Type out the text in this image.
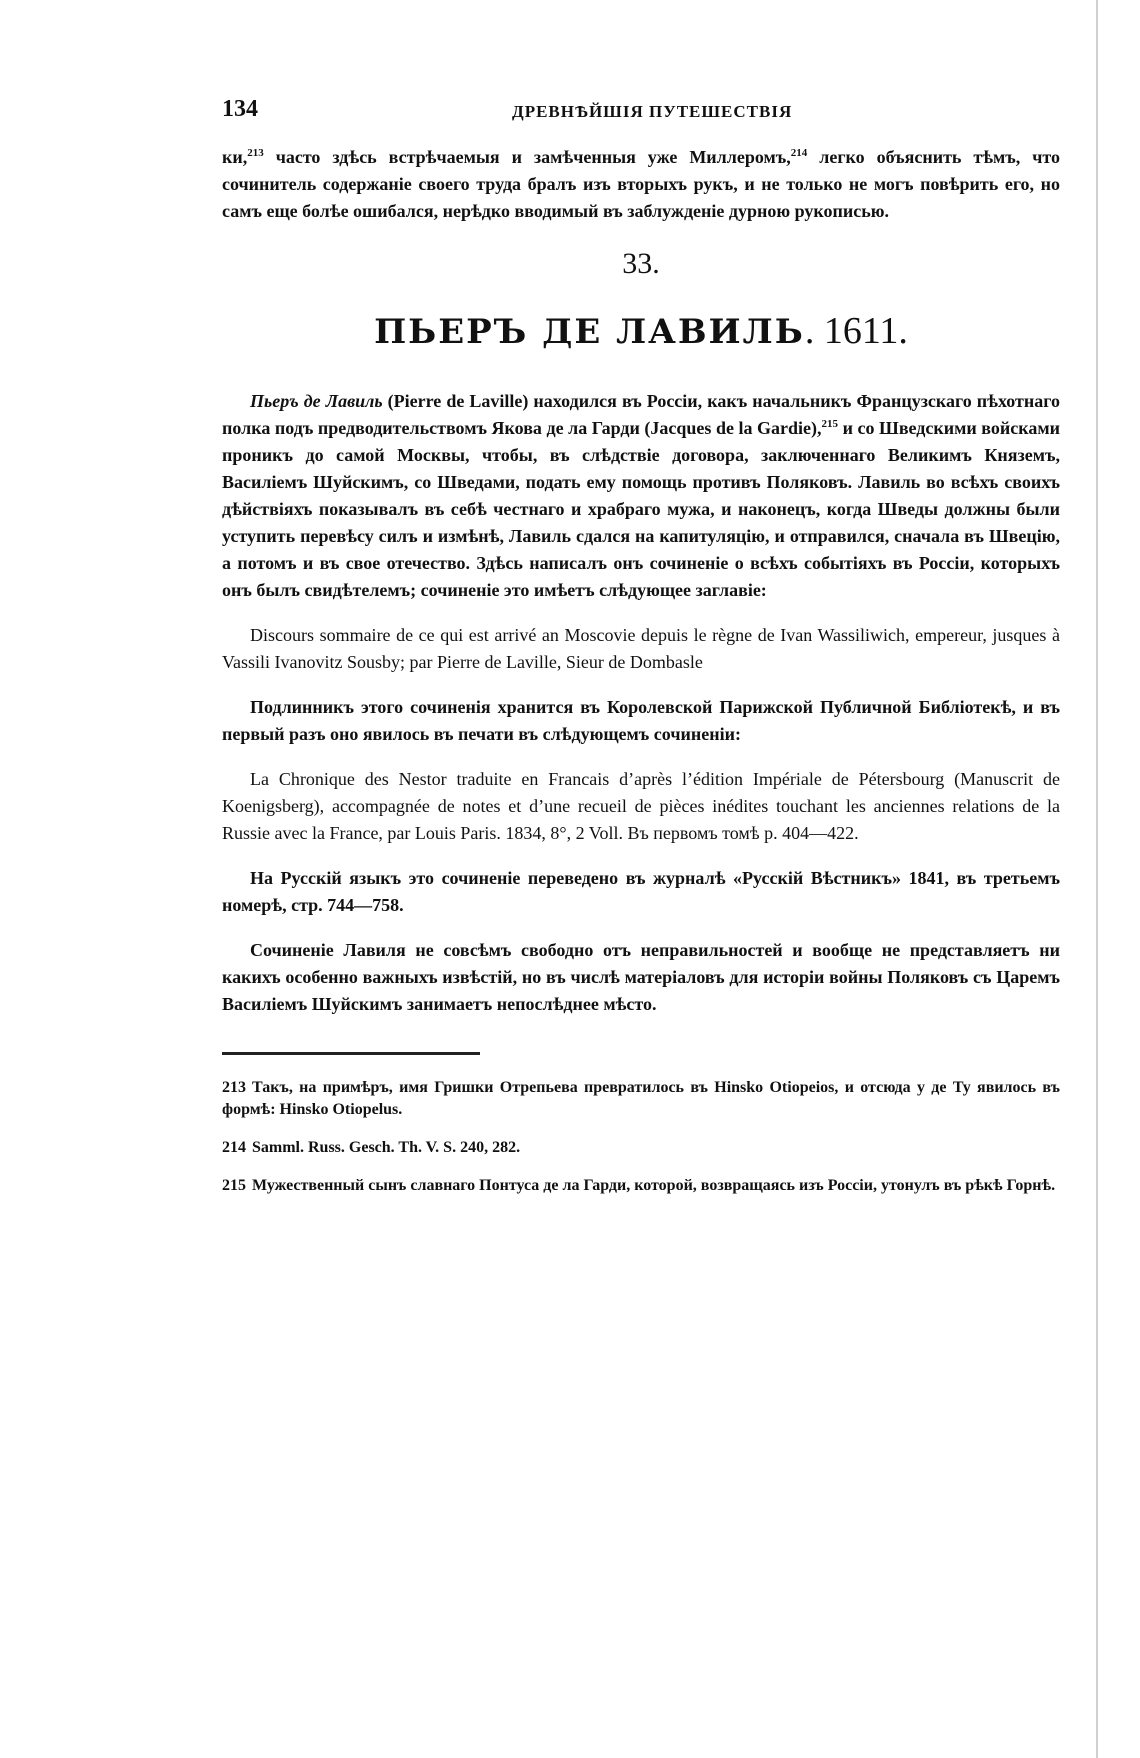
134	ДРЕВНѢЙШІЯ ПУТЕШЕСТВІЯ

ки,$^{213}$ часто здѣсь встрѣчаемыя и замѣченныя уже Миллеромъ,$^{214}$ легко объяснить тѣмъ, что сочинитель содержаніе своего труда бралъ изъ вторыхъ рукъ, и не только не могъ повѣрить его, но самъ еще болѣе ошибался, нерѣдко вводимый въ заблужденіе дурною рукописью.

33.
ПЬЕРЪ ДЕ ЛАВИЛЬ. 1611.

Пьеръ де Лавиль (Pierre de Laville) находился въ Россіи, какъ начальникъ Французскаго пѣхотнаго полка подъ предводительствомъ Якова де ла Гарди (Jacques de la Gardie),$^{215}$ и со Шведскими войсками проникъ до самой Москвы, чтобы, въ слѣдствіе договора, заключеннаго Великимъ Княземъ, Василіемъ Шуйскимъ, со Шведами, подать ему помощь противъ Поляковъ. Лавиль во всѣхъ своихъ дѣйствіяхъ показывалъ въ себѣ честнаго и храбраго мужа, и наконецъ, когда Шведы должны были уступить перевѣсу силъ и измѣнѣ, Лавиль сдался на капитуляцію, и отправился, сначала въ Швецію, а потомъ и въ свое отечество. Здѣсь написалъ онъ сочиненіе о всѣхъ событіяхъ въ Россіи, которыхъ онъ былъ свидѣтелемъ; сочиненіе это имѣетъ слѣдующее заглавіе:

Discours sommaire de ce qui est arrivé an Moscovie depuis le règne de Ivan Wassiliwich, empereur, jusques à Vassili Ivanovitz Sousby; par Pierre de Laville, Sieur de Dombasle

Подлинникъ этого сочиненія хранится въ Королевской Парижской Публичной Библіотекѣ, и въ первый разъ оно явилось въ печати въ слѣдующемъ сочиненіи:

La Chronique des Nestor traduite en Francais d’après l’édition Impériale de Pétersbourg (Manuscrit de Koenigsberg), accompagnée de notes et d’une recueil de pièces inédites touchant les anciennes relations de la Russie avec la France, par Louis Paris. 1834, 8°, 2 Voll. Въ первомъ томѣ p. 404—422.

На Русскій языкъ это сочиненіе переведено въ журналѣ «Русскій Вѣстникъ» 1841, въ третьемъ номерѣ, стр. 744—758.

Сочиненіе Лавиля не совсѣмъ свободно отъ неправильностей и вообще не представляетъ ни какихъ особенно важныхъ извѣстій, но въ числѣ матеріаловъ для исторіи войны Поляковъ съ Царемъ Василіемъ Шуйскимъ занимаетъ непослѣднее мѣсто.

213 Такъ, на примѣръ, имя Гришки Отрепьева превратилось въ Hinsko Otiopeios, и отсюда у де Ту явилось въ формѣ: Hinsko Otiopelus.

214 Samml. Russ. Gesch. Th. V. S. 240, 282.

215 Мужественный сынъ славнаго Понтуса де ла Гарди, которой, возвращаясь изъ Россіи, утонулъ въ рѣкѣ Горнѣ.
